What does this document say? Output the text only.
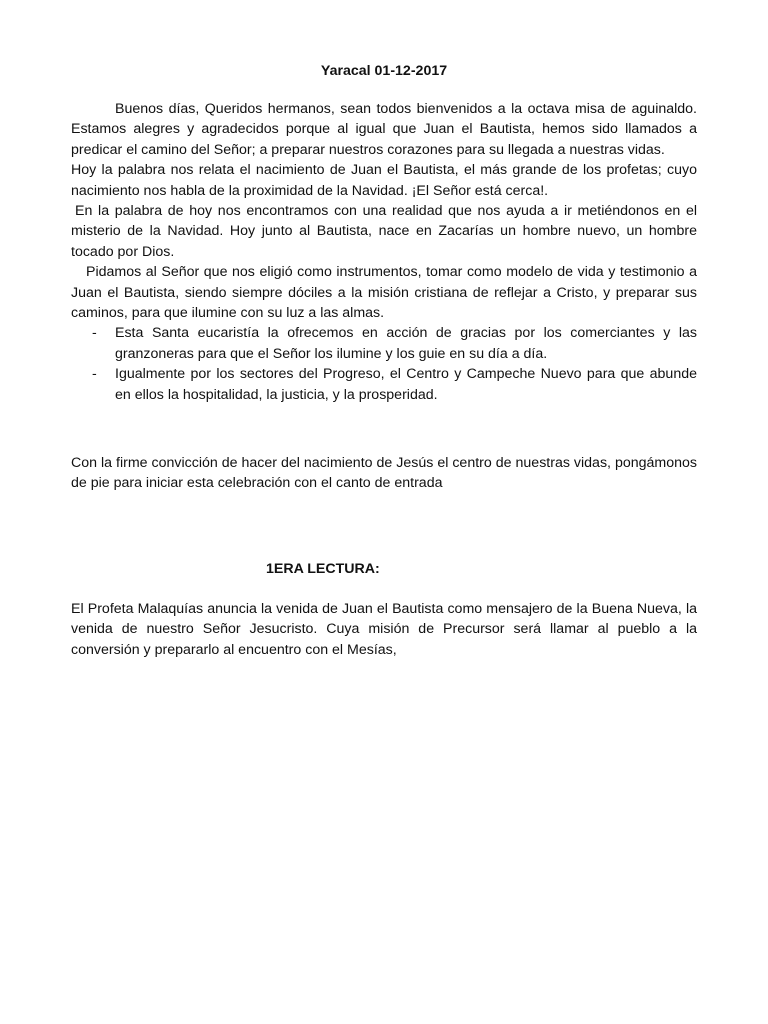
Yaracal 01-12-2017

Buenos días, Queridos hermanos, sean todos bienvenidos a la octava misa de aguinaldo. Estamos alegres y agradecidos porque al igual que Juan el Bautista, hemos sido llamados a predicar el camino del Señor; a preparar nuestros corazones para su llegada a nuestras vidas.

Hoy la palabra nos relata el nacimiento de Juan el Bautista, el más grande de los profetas; cuyo nacimiento nos habla de la proximidad de la Navidad. ¡El Señor está cerca!.

En la palabra de hoy nos encontramos con una realidad que nos ayuda a ir metiéndonos en el misterio de la Navidad. Hoy junto al Bautista, nace en Zacarías un hombre nuevo, un hombre tocado por Dios.

Pidamos al Señor que nos eligió como instrumentos, tomar como modelo de vida y testimonio a Juan el Bautista, siendo siempre dóciles a la misión cristiana de reflejar a Cristo, y preparar sus caminos, para que ilumine con su luz a las almas.

- Esta Santa eucaristía la ofrecemos en acción de gracias por los comerciantes y las granzoneras para que el Señor los ilumine y los guie en su día a día.
- Igualmente por los sectores del Progreso, el Centro y Campeche Nuevo para que abunde en ellos la hospitalidad, la justicia, y la prosperidad.

Con la firme convicción de hacer del nacimiento de Jesús el centro de nuestras vidas, pongámonos de pie para iniciar esta celebración con el canto de entrada

1ERA LECTURA:

El Profeta Malaquías anuncia la venida de Juan el Bautista como mensajero de la Buena Nueva, la venida de nuestro Señor Jesucristo. Cuya misión de Precursor será llamar al pueblo a la conversión y prepararlo al encuentro con el Mesías,
